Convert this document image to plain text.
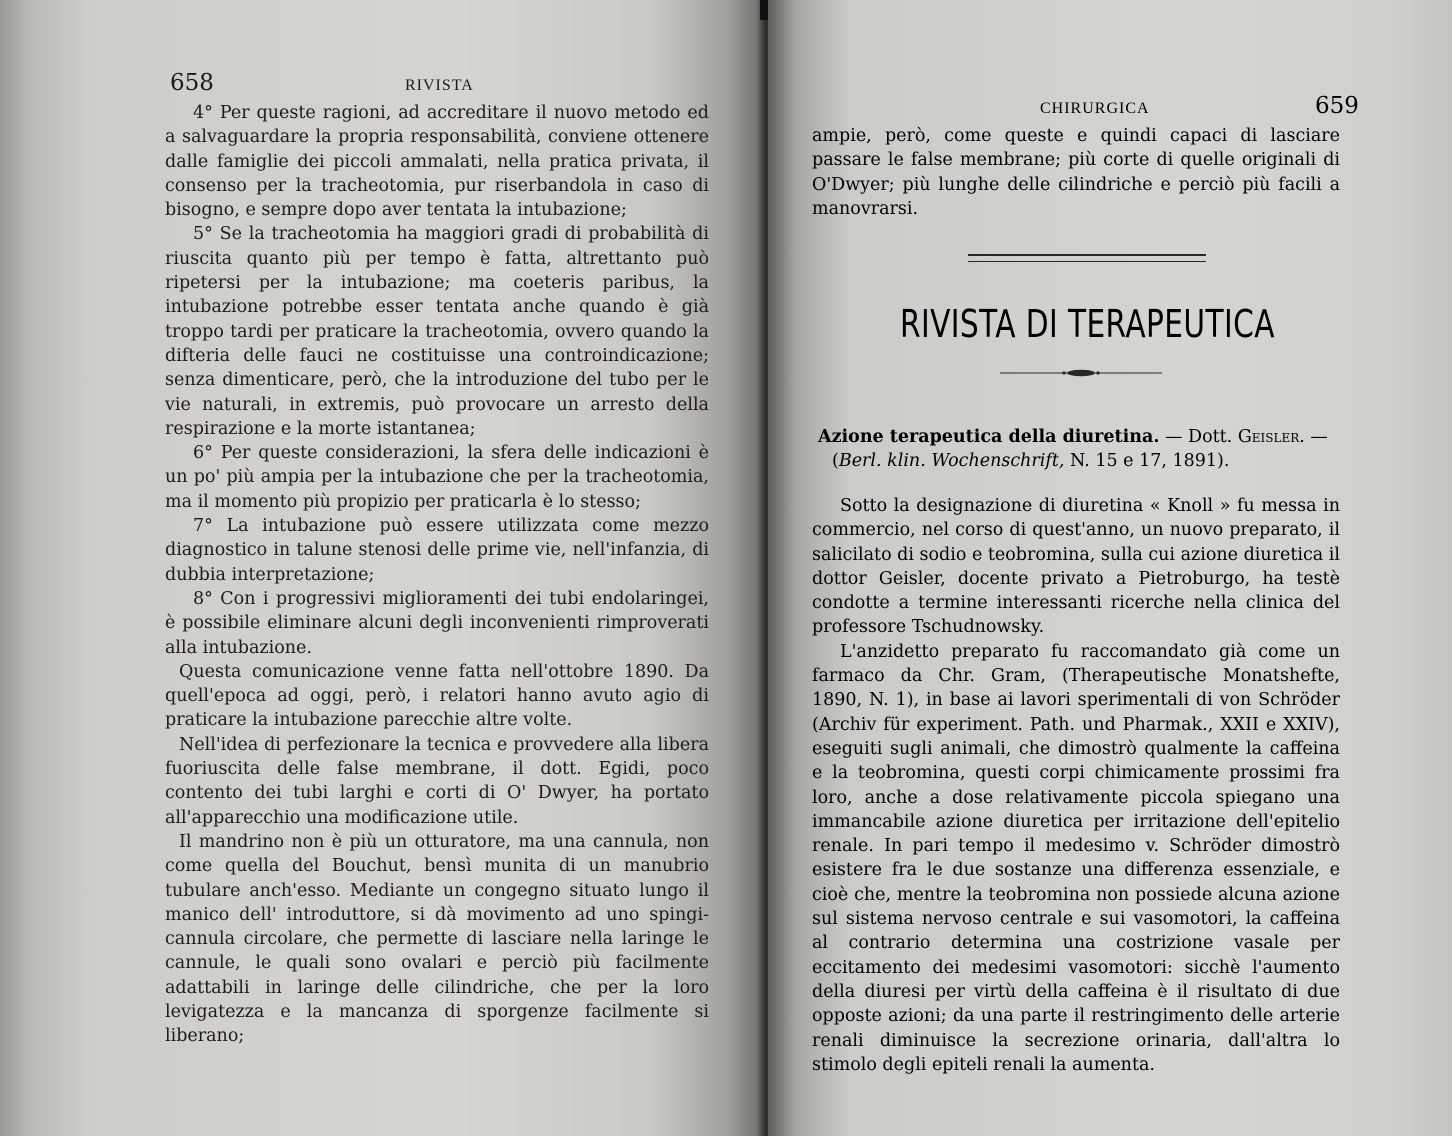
658	RIVISTA

4° Per queste ragioni, ad accreditare il nuovo metodo ed a salvaguardare la propria responsabilità, conviene ottenere dalle famiglie dei piccoli ammalati, nella pratica privata, il consenso per la tracheotomia, pur riserbandola in caso di bisogno, e sempre dopo aver tentata la intubazione;

5° Se la tracheotomia ha maggiori gradi di probabilità di riuscita quanto più per tempo è fatta, altrettanto può ripetersi per la intubazione; ma coeteris paribus, la intubazione potrebbe esser tentata anche quando è già troppo tardi per praticare la tracheotomia, ovvero quando la difteria delle fauci ne costituisse una controindicazione; senza dimenticare, però, che la introduzione del tubo per le vie naturali, in extremis, può provocare un arresto della respirazione e la morte istantanea;

6° Per queste considerazioni, la sfera delle indicazioni è un po' più ampia per la intubazione che per la tracheotomia, ma il momento più propizio per praticarla è lo stesso;

7° La intubazione può essere utilizzata come mezzo diagnostico in talune stenosi delle prime vie, nell'infanzia, di dubbia interpretazione;

8° Con i progressivi miglioramenti dei tubi endolaringei, è possibile eliminare alcuni degli inconvenienti rimproverati alla intubazione.

Questa comunicazione venne fatta nell'ottobre 1890. Da quell'epoca ad oggi, però, i relatori hanno avuto agio di praticare la intubazione parecchie altre volte.

Nell'idea di perfezionare la tecnica e provvedere alla libera fuoriuscita delle false membrane, il dott. Egidi, poco contento dei tubi larghi e corti di O' Dwyer, ha portato all'apparecchio una modificazione utile.

Il mandrino non è più un otturatore, ma una cannula, non come quella del Bouchut, bensì munita di un manubrio tubulare anch'esso. Mediante un congegno situato lungo il manico dell' introduttore, si dà movimento ad uno spingi-cannula circolare, che permette di lasciare nella laringe le cannule, le quali sono ovalari e perciò più facilmente adattabili in laringe delle cilindriche, che per la loro levigatezza e la mancanza di sporgenze facilmente si liberano;

CHIRURGICA	659
ampie, però, come queste e quindi capaci di lasciare passare le false membrane; più corte di quelle originali di O'Dwyer; più lunghe delle cilindriche e perciò più facili a manovrarsi.
RIVISTA DI TERAPEUTICA
Azione terapeutica della diuretina. — Dott. Geisler. —
(Berl. klin. Wochenschrift, N. 15 e 17, 1891).

Sotto la designazione di diuretina « Knoll » fu messa in commercio, nel corso di quest'anno, un nuovo preparato, il salicilato di sodio e teobromina, sulla cui azione diuretica il dottor Geisler, docente privato a Pietroburgo, ha testè condotte a termine interessanti ricerche nella clinica del professore Tschudnowsky.

L'anzidetto preparato fu raccomandato già come un farmaco da Chr. Gram, (Therapeutische Monatshefte, 1890, N. 1), in base ai lavori sperimentali di von Schröder (Archiv für experiment. Path. und Pharmak., XXII e XXIV), eseguiti sugli animali, che dimostrò qualmente la caffeina e la teobromina, questi corpi chimicamente prossimi fra loro, anche a dose relativamente piccola spiegano una immancabile azione diuretica per irritazione dell'epitelio renale. In pari tempo il medesimo v. Schröder dimostrò esistere fra le due sostanze una differenza essenziale, e cioè che, mentre la teobromina non possiede alcuna azione sul sistema nervoso centrale e sui vasomotori, la caffeina al contrario determina una costrizione vasale per eccitamento dei medesimi vasomotori: sicchè l'aumento della diuresi per virtù della caffeina è il risultato di due opposte azioni; da una parte il restringimento delle arterie renali diminuisce la secrezione orinaria, dall'altra lo stimolo degli epiteli renali la aumenta.
